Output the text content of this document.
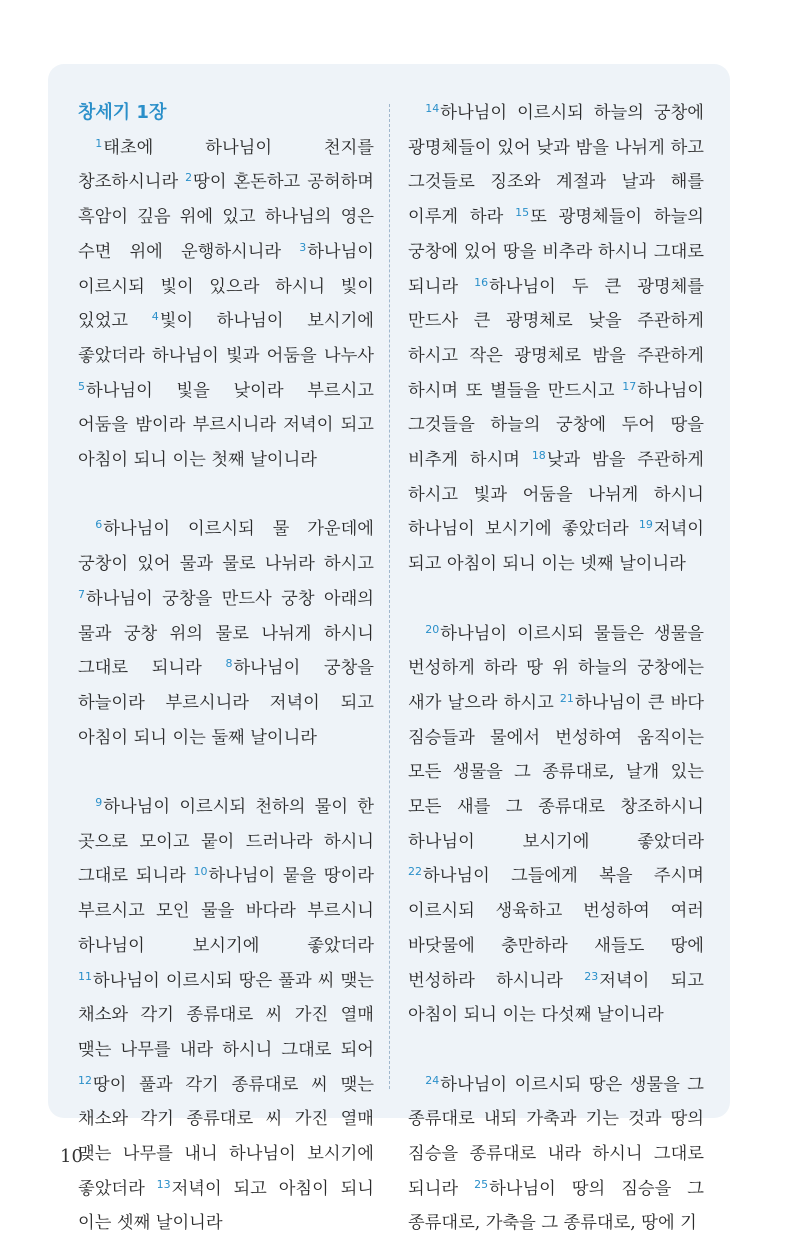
창세기 1장

$^1$태초에 하나님이 천지를 창조하시니라 $^2$땅이 혼돈하고 공허하며 흑암이 깊음 위에 있고 하나님의 영은 수면 위에 운행하시니라 $^3$하나님이 이르시되 빛이 있으라 하시니 빛이 있었고 $^4$빛이 하나님이 보시기에 좋았더라 하나님이 빛과 어둠을 나누사 $^5$하나님이 빛을 낮이라 부르시고 어둠을 밤이라 부르시니라 저녁이 되고 아침이 되니 이는 첫째 날이니라

$^6$하나님이 이르시되 물 가운데에 궁창이 있어 물과 물로 나뉘라 하시고 $^7$하나님이 궁창을 만드사 궁창 아래의 물과 궁창 위의 물로 나뉘게 하시니 그대로 되니라 $^8$하나님이 궁창을 하늘이라 부르시니라 저녁이 되고 아침이 되니 이는 둘째 날이니라

$^9$하나님이 이르시되 천하의 물이 한 곳으로 모이고 뭍이 드러나라 하시니 그대로 되니라 $^{10}$하나님이 뭍을 땅이라 부르시고 모인 물을 바다라 부르시니 하나님이 보시기에 좋았더라 $^{11}$하나님이 이르시되 땅은 풀과 씨 맺는 채소와 각기 종류대로 씨 가진 열매 맺는 나무를 내라 하시니 그대로 되어 $^{12}$땅이 풀과 각기 종류대로 씨 맺는 채소와 각기 종류대로 씨 가진 열매 맺는 나무를 내니 하나님이 보시기에 좋았더라 $^{13}$저녁이 되고 아침이 되니 이는 셋째 날이니라

$^{14}$하나님이 이르시되 하늘의 궁창에 광명체들이 있어 낮과 밤을 나뉘게 하고 그것들로 징조와 계절과 날과 해를 이루게 하라 $^{15}$또 광명체들이 하늘의 궁창에 있어 땅을 비추라 하시니 그대로 되니라 $^{16}$하나님이 두 큰 광명체를 만드사 큰 광명체로 낮을 주관하게 하시고 작은 광명체로 밤을 주관하게 하시며 또 별들을 만드시고 $^{17}$하나님이 그것들을 하늘의 궁창에 두어 땅을 비추게 하시며 $^{18}$낮과 밤을 주관하게 하시고 빛과 어둠을 나뉘게 하시니 하나님이 보시기에 좋았더라 $^{19}$저녁이 되고 아침이 되니 이는 넷째 날이니라

$^{20}$하나님이 이르시되 물들은 생물을 번성하게 하라 땅 위 하늘의 궁창에는 새가 날으라 하시고 $^{21}$하나님이 큰 바다 짐승들과 물에서 번성하여 움직이는 모든 생물을 그 종류대로, 날개 있는 모든 새를 그 종류대로 창조하시니 하나님이 보시기에 좋았더라 $^{22}$하나님이 그들에게 복을 주시며 이르시되 생육하고 번성하여 여러 바닷물에 충만하라 새들도 땅에 번성하라 하시니라 $^{23}$저녁이 되고 아침이 되니 이는 다섯째 날이니라

$^{24}$하나님이 이르시되 땅은 생물을 그 종류대로 내되 가축과 기는 것과 땅의 짐승을 종류대로 내라 하시니 그대로 되니라 $^{25}$하나님이 땅의 짐승을 그 종류대로, 가축을 그 종류대로, 땅에 기

10
